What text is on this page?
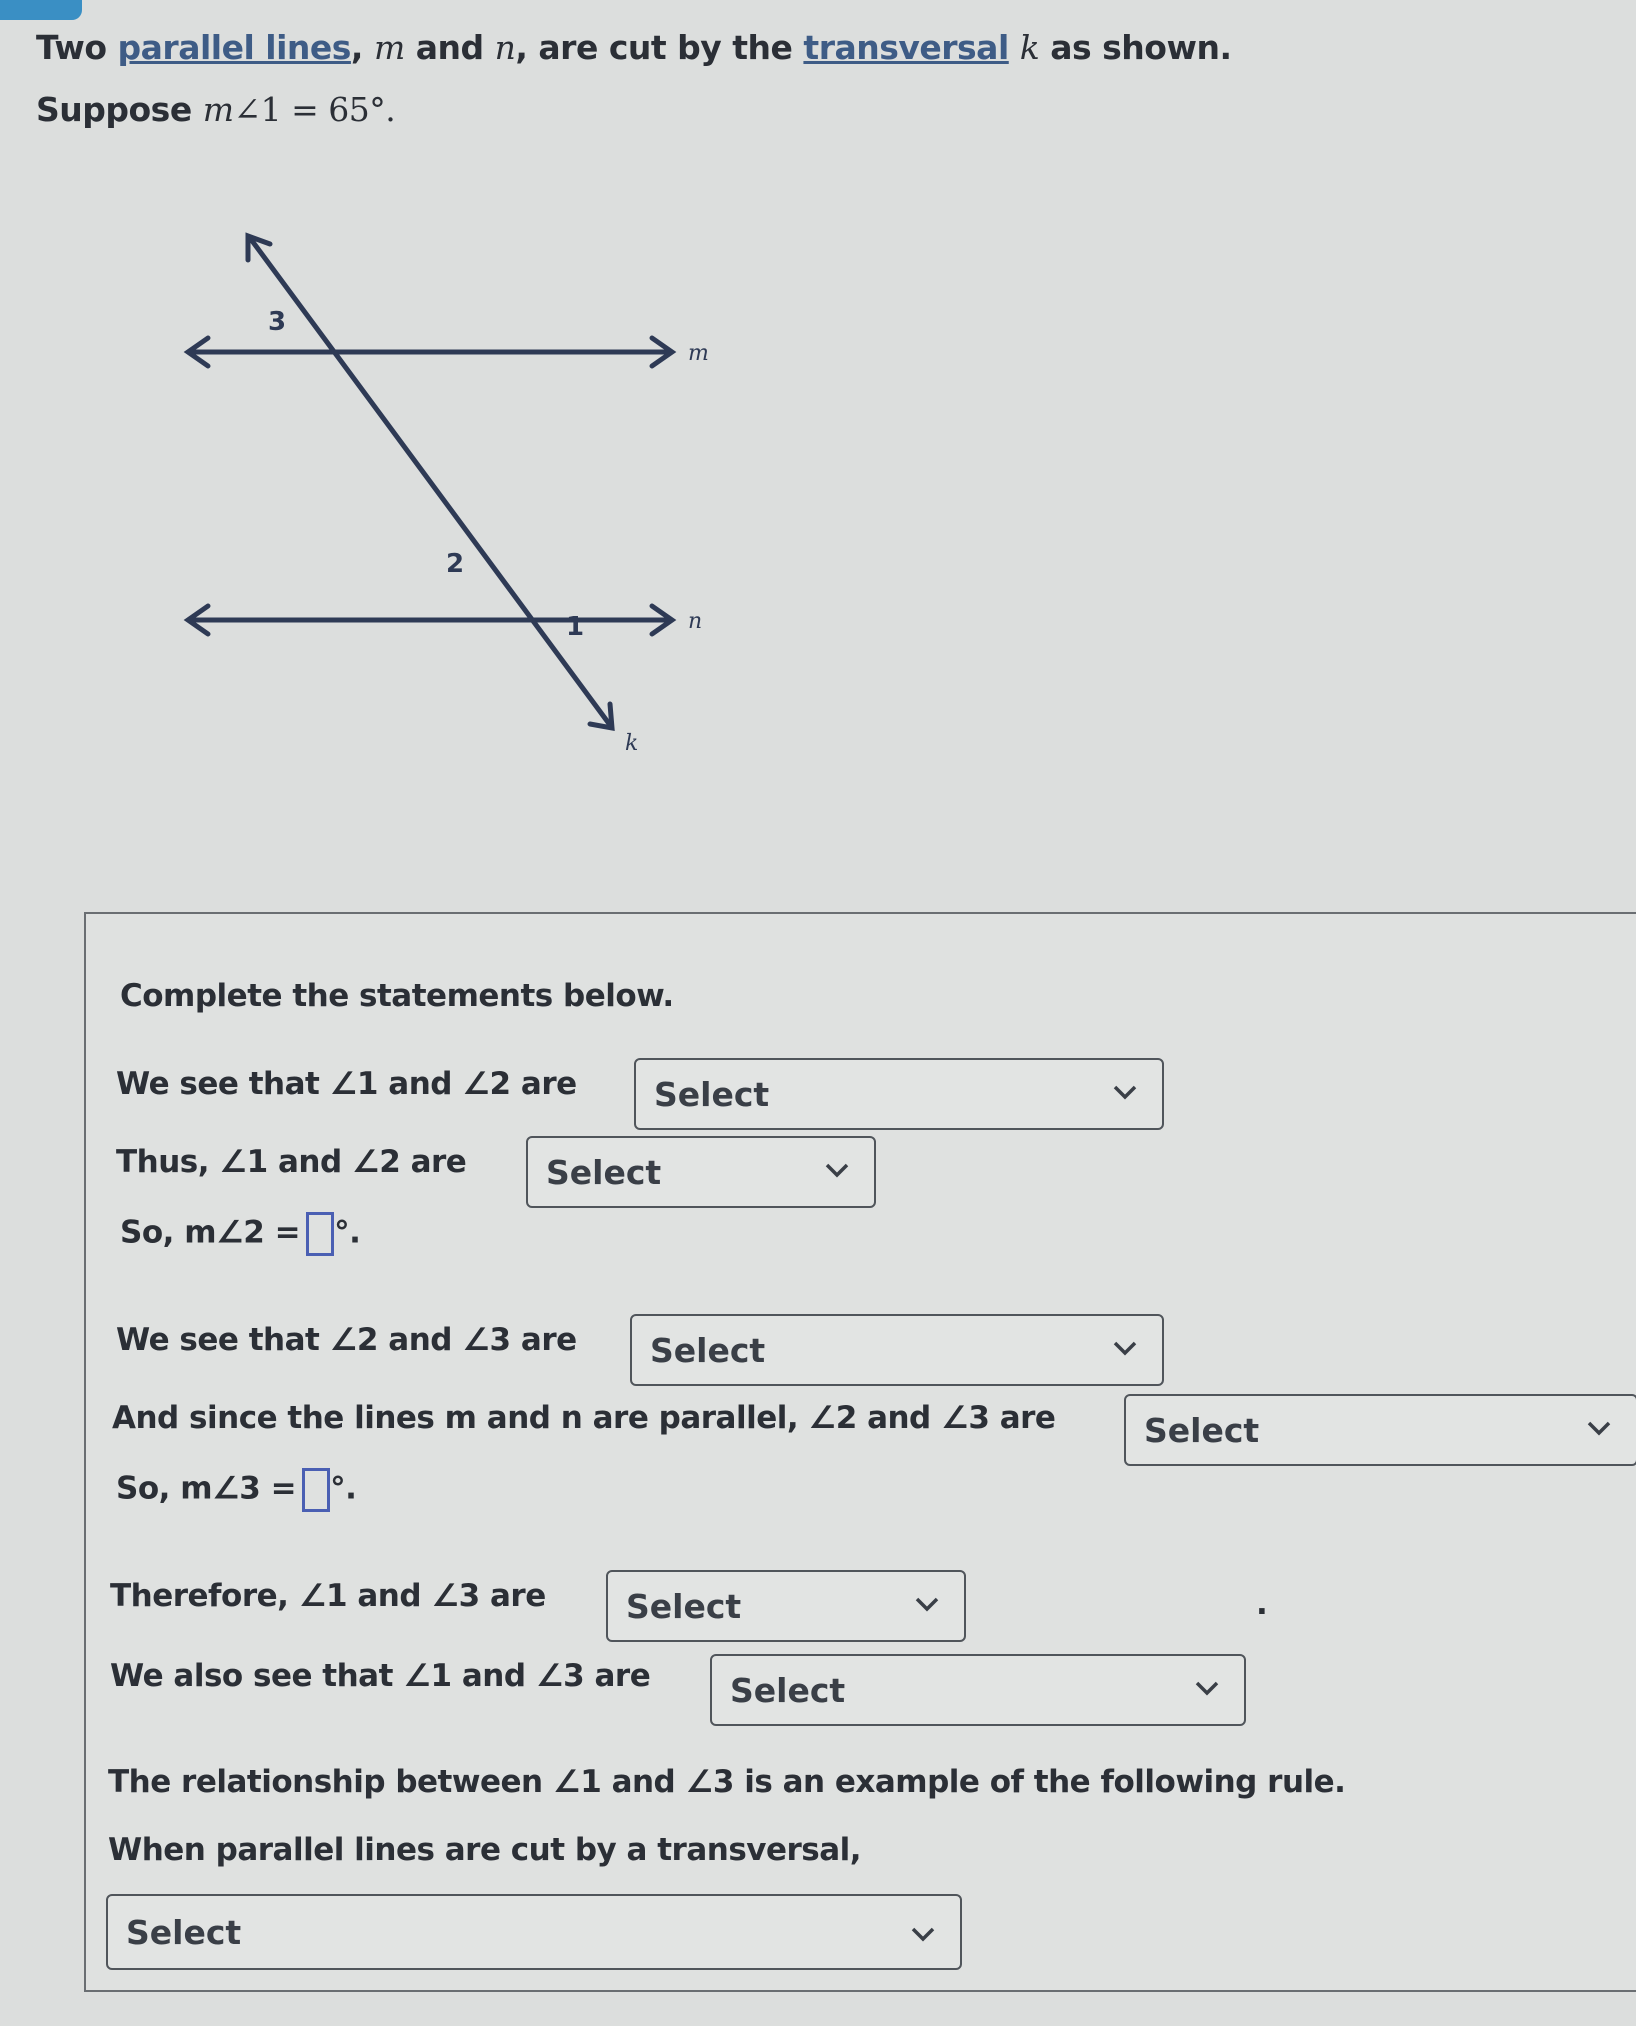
Two parallel lines, m and n, are cut by the transversal k as shown.
Suppose m∠1 = 65°.
3
2
1
m
n
k
Complete the statements below.
We see that ∠1 and ∠2 are Select
Thus, ∠1 and ∠2 are Select
So, m∠2 = °.
We see that ∠2 and ∠3 are Select
And since the lines m and n are parallel, ∠2 and ∠3 are	Select
So, m∠3 = °.
Therefore, ∠1 and ∠3 are Select	.
We also see that ∠1 and ∠3 are Select
The relationship between ∠1 and ∠3 is an example of the following rule.
When parallel lines are cut by a transversal,
Select
